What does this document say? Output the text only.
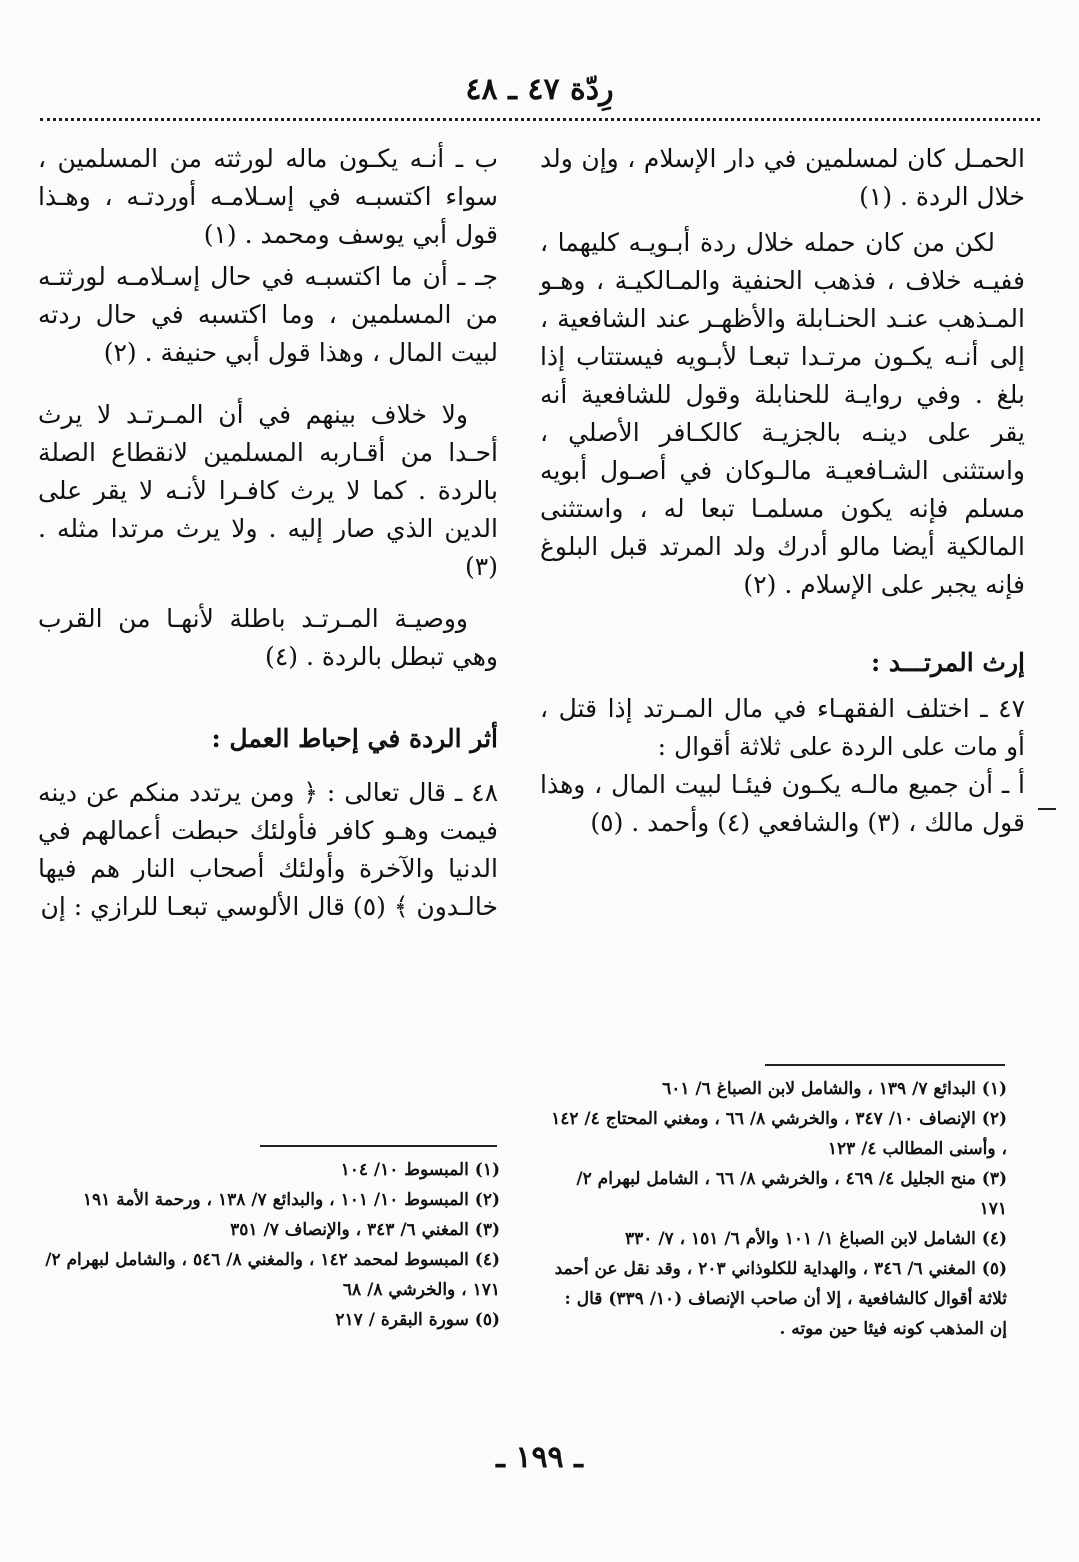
رِدّة ٤٧ ـ ٤٨

الحمـل كان لمسلمين في دار الإسلام ، وإن ولد خلال الردة . (١)

لكن من كان حمله خلال ردة أبـويـه كليهما ، ففيـه خلاف ، فذهب الحنفية والمـالكيـة ، وهـو المـذهب عنـد الحنـابلة والأظهـر عند الشافعية ، إلى أنـه يكـون مرتـدا تبعـا لأبـويه فيستتاب إذا بلغ . وفي روايـة للحنابلة وقول للشافعية أنه يقر على دينـه بالجزيـة كالكـافر الأصلي ، واستثنى الشـافعيـة مالـوكان في أصـول أبويه مسلم فإنه يكون مسلمـا تبعا له ، واستثنى المالكية أيضا مالو أدرك ولد المرتد قبل البلوغ فإنه يجبر على الإسلام . (٢)

إرث المرتـــد :

٤٧ ـ اختلف الفقهـاء في مال المـرتد إذا قتل ، أو مات على الردة على ثلاثة أقوال :

أ ـ أن جميع مالـه يكـون فيئـا لبيت المال ، وهذا قول مالك ، (٣) والشافعي (٤) وأحمد . (٥)

ب ـ أنـه يكـون ماله لورثته من المسلمين ، سواء اكتسبـه في إسـلامـه أوردتـه ، وهـذا قول أبي يوسف ومحمد . (١)

جـ ـ أن ما اكتسبـه في حال إسـلامـه لورثتـه من المسلمين ، وما اكتسبه في حال ردته لبيت المال ، وهذا قول أبي حنيفة . (٢)

ولا خلاف بينهم في أن المـرتـد لا يرث أحـدا من أقـاربه المسلمين لانقطاع الصلة بالردة . كما لا يرث كافـرا لأنـه لا يقر على الدين الذي صار إليه . ولا يرث مرتدا مثله . (٣)

ووصيـة المـرتـد باطلة لأنهـا من القرب وهي تبطل بالردة . (٤)

أثر الردة في إحباط العمل :

٤٨ ـ قال تعالى : ﴿ ومن يرتدد منكم عن دينه فيمت وهـو كافر فأولئك حبطت أعمالهم في الدنيا والآخرة وأولئك أصحاب النار هم فيها خالـدون ﴾ (٥) قال الألوسي تبعـا للرازي : إن

(١) البدائع ٧/ ١٣٩ ، والشامل لابن الصباغ ٦/ ٦٠١
(٢) الإنصاف ١٠/ ٣٤٧ ، والخرشي ٨/ ٦٦ ، ومغني المحتاج ٤/ ١٤٢ ، وأسنى المطالب ٤/ ١٢٣
(٣) منح الجليل ٤/ ٤٦٩ ، والخرشي ٨/ ٦٦ ، الشامل لبهرام ٢/ ١٧١
(٤) الشامل لابن الصباغ ١/ ١٠١ والأم ٦/ ١٥١ ، ٧/ ٣٣٠
(٥) المغني ٦/ ٣٤٦ ، والهداية للكلوذاني ٢٠٣ ، وقد نقل عن أحمد ثلاثة أقوال كالشافعية ، إلا أن صاحب الإنصاف (١٠/ ٣٣٩) قال : إن المذهب كونه فيئا حين موته .
(١) المبسوط ١٠/ ١٠٤
(٢) المبسوط ١٠/ ١٠١ ، والبدائع ٧/ ١٣٨ ، ورحمة الأمة ١٩١
(٣) المغني ٦/ ٣٤٣ ، والإنصاف ٧/ ٣٥١
(٤) المبسوط لمحمد ١٤٢ ، والمغني ٨/ ٥٤٦ ، والشامل لبهرام ٢/ ١٧١ ، والخرشي ٨/ ٦٨
(٥) سورة البقرة / ٢١٧
ـ ١٩٩ ـ
